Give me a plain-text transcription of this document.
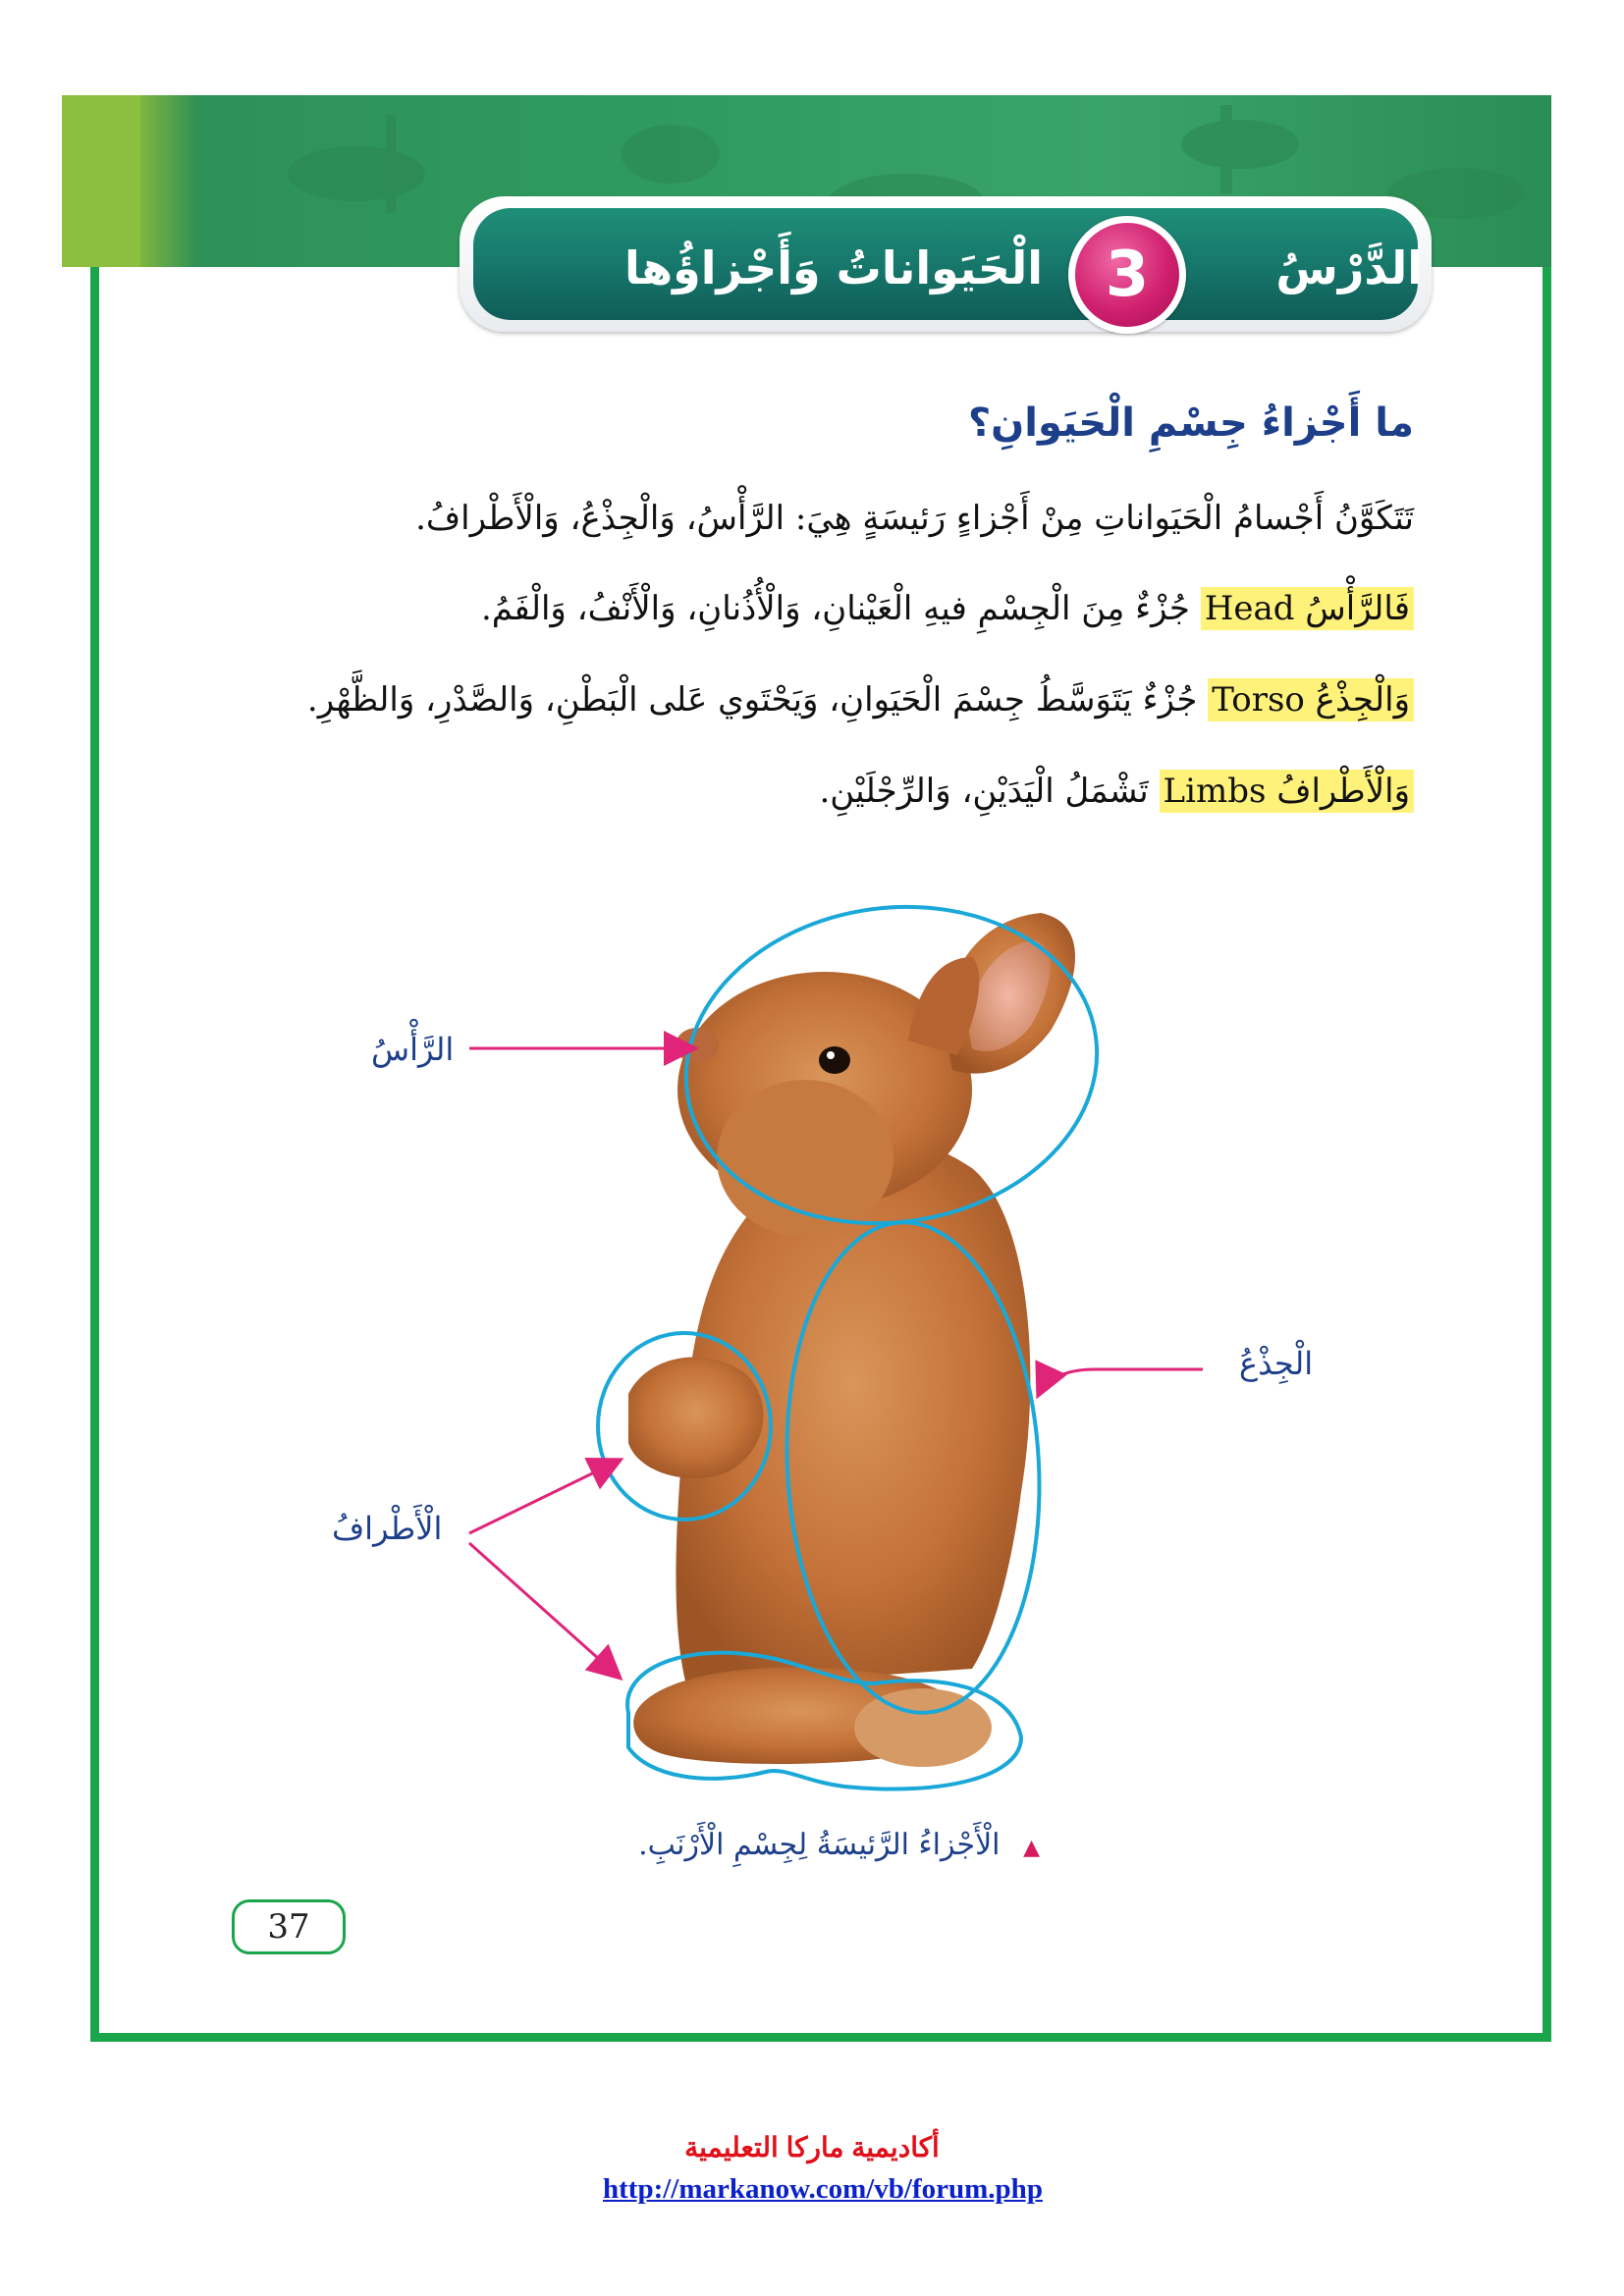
الدَّرْسُ
3
الْحَيَواناتُ وَأَجْزاؤُها
ما أَجْزاءُ جِسْمِ الْحَيَوانِ؟
تَتَكَوَّنُ أَجْسامُ الْحَيَواناتِ مِنْ أَجْزاءٍ رَئيسَةٍ هِيَ: الرَّأْسُ، وَالْجِذْعُ، وَالْأَطْرافُ.
فَالرَّأْسُ Head جُزْءٌ مِنَ الْجِسْمِ فيهِ الْعَيْنانِ، وَالْأُذُنانِ، وَالْأَنْفُ، وَالْفَمُ.
وَالْجِذْعُ Torso جُزْءٌ يَتَوَسَّطُ جِسْمَ الْحَيَوانِ، وَيَحْتَوي عَلى الْبَطْنِ، وَالصَّدْرِ، وَالظَّهْرِ.
وَالْأَطْرافُ Limbs تَشْمَلُ الْيَدَيْنِ، وَالرِّجْلَيْنِ.
الرَّأْسُ
الْجِذْعُ
الْأَطْرافُ
▲ الْأَجْزاءُ الرَّئيسَةُ لِجِسْمِ الْأَرْنَبِ.
37
أكاديمية ماركا التعليمية
http://markanow.com/vb/forum.php
